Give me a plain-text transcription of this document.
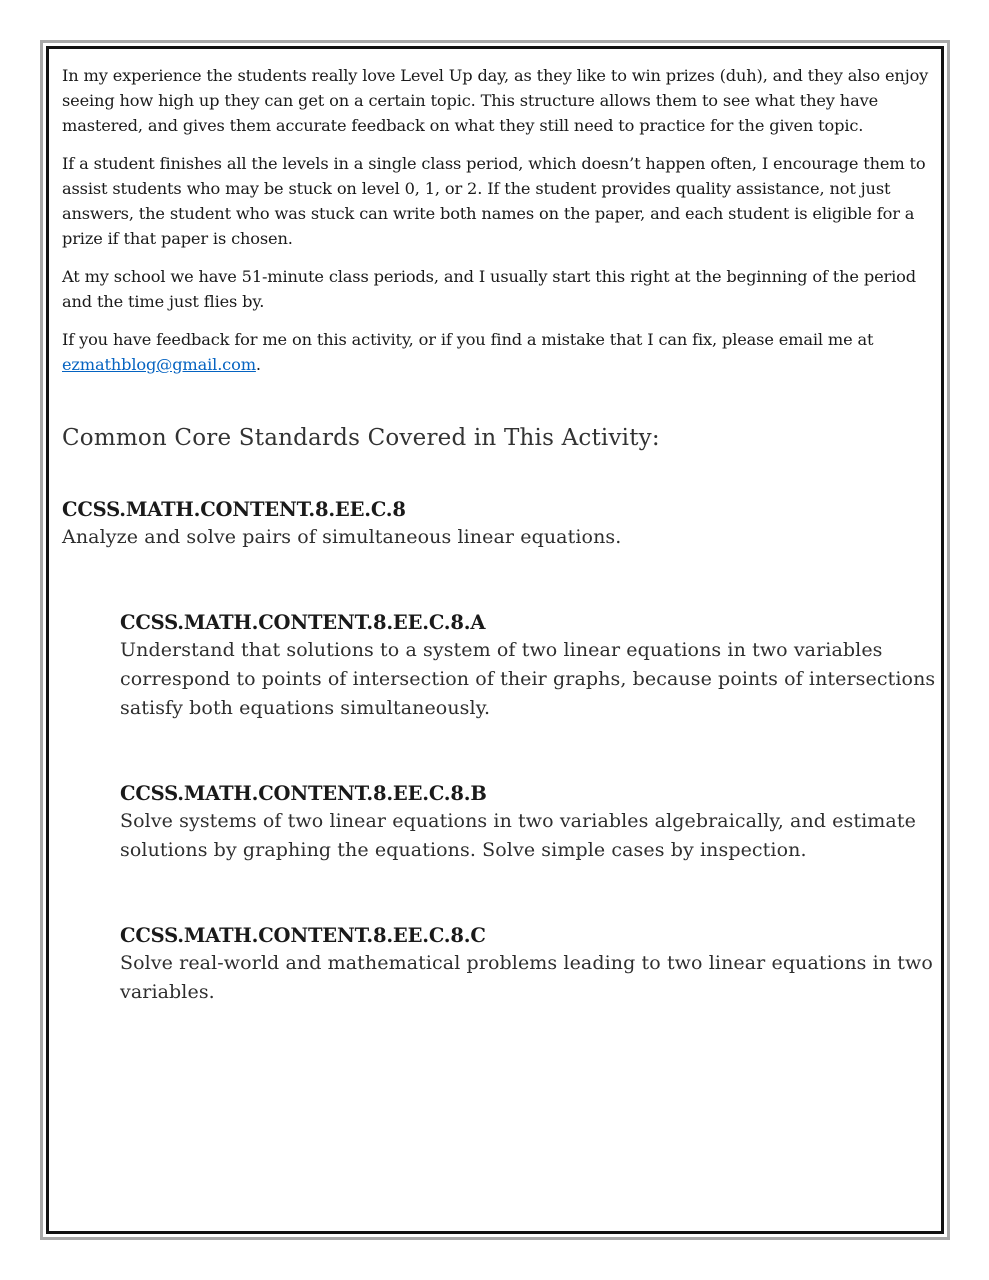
In my experience the students really love Level Up day, as they like to win prizes (duh), and they also enjoy seeing how high up they can get on a certain topic. This structure allows them to see what they have mastered, and gives them accurate feedback on what they still need to practice for the given topic.

If a student finishes all the levels in a single class period, which doesn’t happen often, I encourage them to assist students who may be stuck on level 0, 1, or 2. If the student provides quality assistance, not just answers, the student who was stuck can write both names on the paper, and each student is eligible for a prize if that paper is chosen.

At my school we have 51-minute class periods, and I usually start this right at the beginning of the period and the time just flies by.

If you have feedback for me on this activity, or if you find a mistake that I can fix, please email me at ezmathblog@gmail.com.

Common Core Standards Covered in This Activity:
CCSS.MATH.CONTENT.8.EE.C.8
Analyze and solve pairs of simultaneous linear equations.
CCSS.MATH.CONTENT.8.EE.C.8.A
Understand that solutions to a system of two linear equations in two variables correspond to points of intersection of their graphs, because points of intersections satisfy both equations simultaneously.
CCSS.MATH.CONTENT.8.EE.C.8.B
Solve systems of two linear equations in two variables algebraically, and estimate solutions by graphing the equations. Solve simple cases by inspection.
CCSS.MATH.CONTENT.8.EE.C.8.C
Solve real-world and mathematical problems leading to two linear equations in two variables.
